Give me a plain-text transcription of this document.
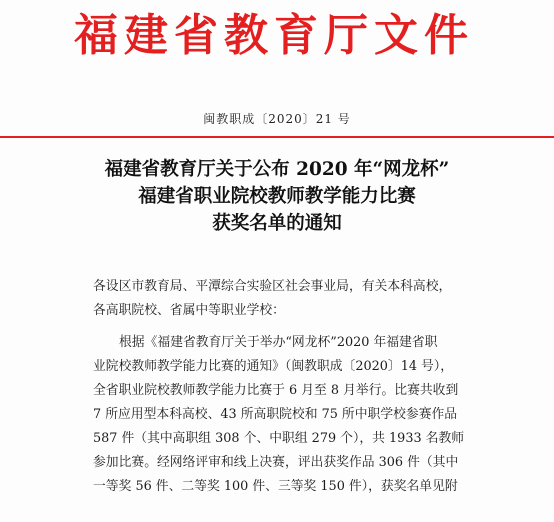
福建省教育厅文件
闽教职成〔2020〕21 号
福建省教育厅关于公布 2020 年“网龙杯”
福建省职业院校教师教学能力比赛
获奖名单的通知
各设区市教育局、平潭综合实验区社会事业局，有关本科高校，
各高职院校、省属中等职业学校：
根据《福建省教育厅关于举办“网龙杯”2020 年福建省职
业院校教师教学能力比赛的通知》（闽教职成〔2020〕14 号），
全省职业院校教师教学能力比赛于 6 月至 8 月举行。比赛共收到
7 所应用型本科高校、43 所高职院校和 75 所中职学校参赛作品
587 件（其中高职组 308 个、中职组 279 个），共 1933 名教师
参加比赛。经网络评审和线上决赛，评出获奖作品 306 件（其中
一等奖 56 件、二等奖 100 件、三等奖 150 件），获奖名单见附
